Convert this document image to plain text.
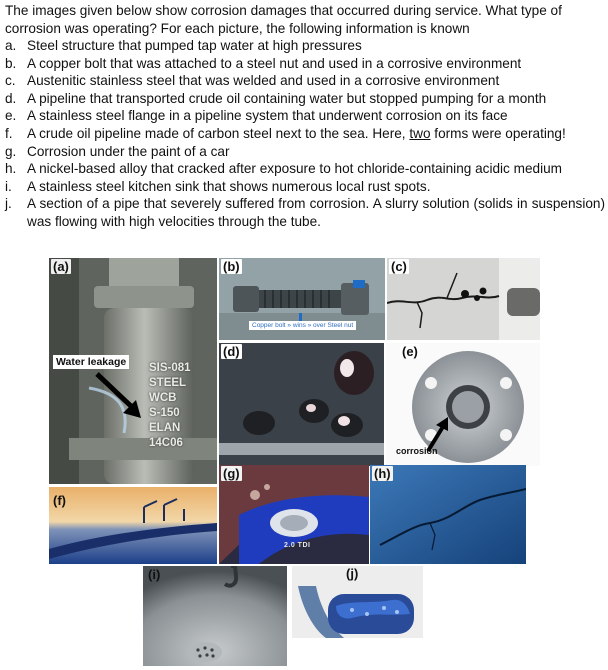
The images given below show corrosion damages that occurred during service. What type of corrosion was operating? For each picture, the following information is known
a. Steel structure that pumped tap water at high pressures
b. A copper bolt that was attached to a steel nut and used in a corrosive environment
c. Austenitic stainless steel that was welded and used in a corrosive environment
d. A pipeline that transported crude oil containing water but stopped pumping for a month
e. A stainless steel flange in a pipeline system that underwent corrosion on its face
f.	A crude oil pipeline made of carbon steel next to the sea. Here, two forms were operating!
g. Corrosion under the paint of a car
h. A nickel-based alloy that cracked after exposure to hot chloride-containing acidic medium
i.	A stainless steel kitchen sink that shows numerous local rust spots.
j.	A section of a pipe that severely suffered from corrosion. A slurry solution (solids in suspension) was flowing with high velocities through the tube.
(a)
SIS-081
STEEL
WCB
S-150
ELAN
14C06
Water leakage
(b)
Copper bolt » wins » over Steel nut
(c)
(d)	(e)
corrosion
(f)
(g)
2.0 TDI
(h)
(i)	(j)
